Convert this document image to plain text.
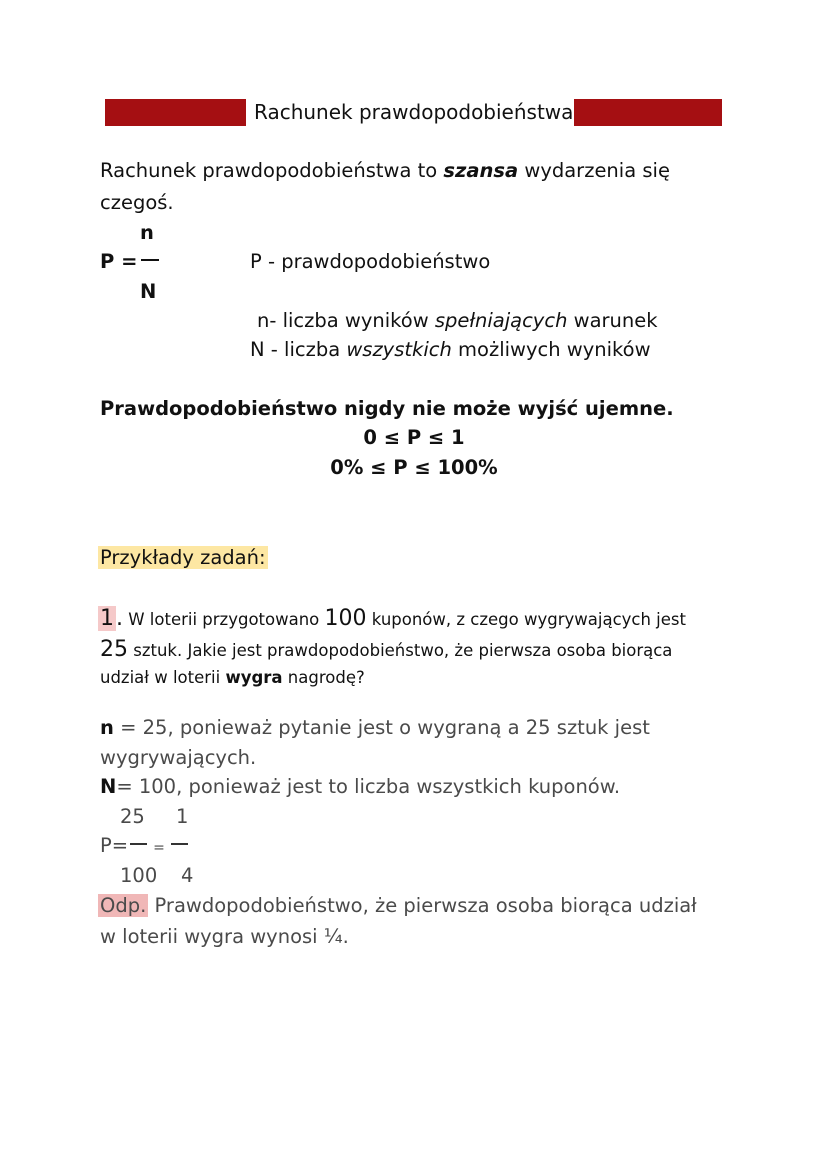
Rachunek prawdopodobieństwa
Rachunek prawdopodobieństwa to szansa wydarzenia się
czegoś.
n
P =
N
P - prawdopodobieństwo
n- liczba wyników spełniających warunek
N - liczba wszystkich możliwych wyników
Prawdopodobieństwo nigdy nie może wyjść ujemne.
0 ≤ P ≤ 1
0% ≤ P ≤ 100%
Przykłady zadań:
1. W loterii przygotowano 100 kuponów, z czego wygrywających jest
25 sztuk. Jakie jest prawdopodobieństwo, że pierwsza osoba biorąca
udział w loterii wygra nagrodę?
n = 25, ponieważ pytanie jest o wygraną a 25 sztuk jest
wygrywających.
N= 100, ponieważ jest to liczba wszystkich kuponów.
25 1
P= =
100 4
Odp. Prawdopodobieństwo, że pierwsza osoba biorąca udział
w loterii wygra wynosi ¼.
